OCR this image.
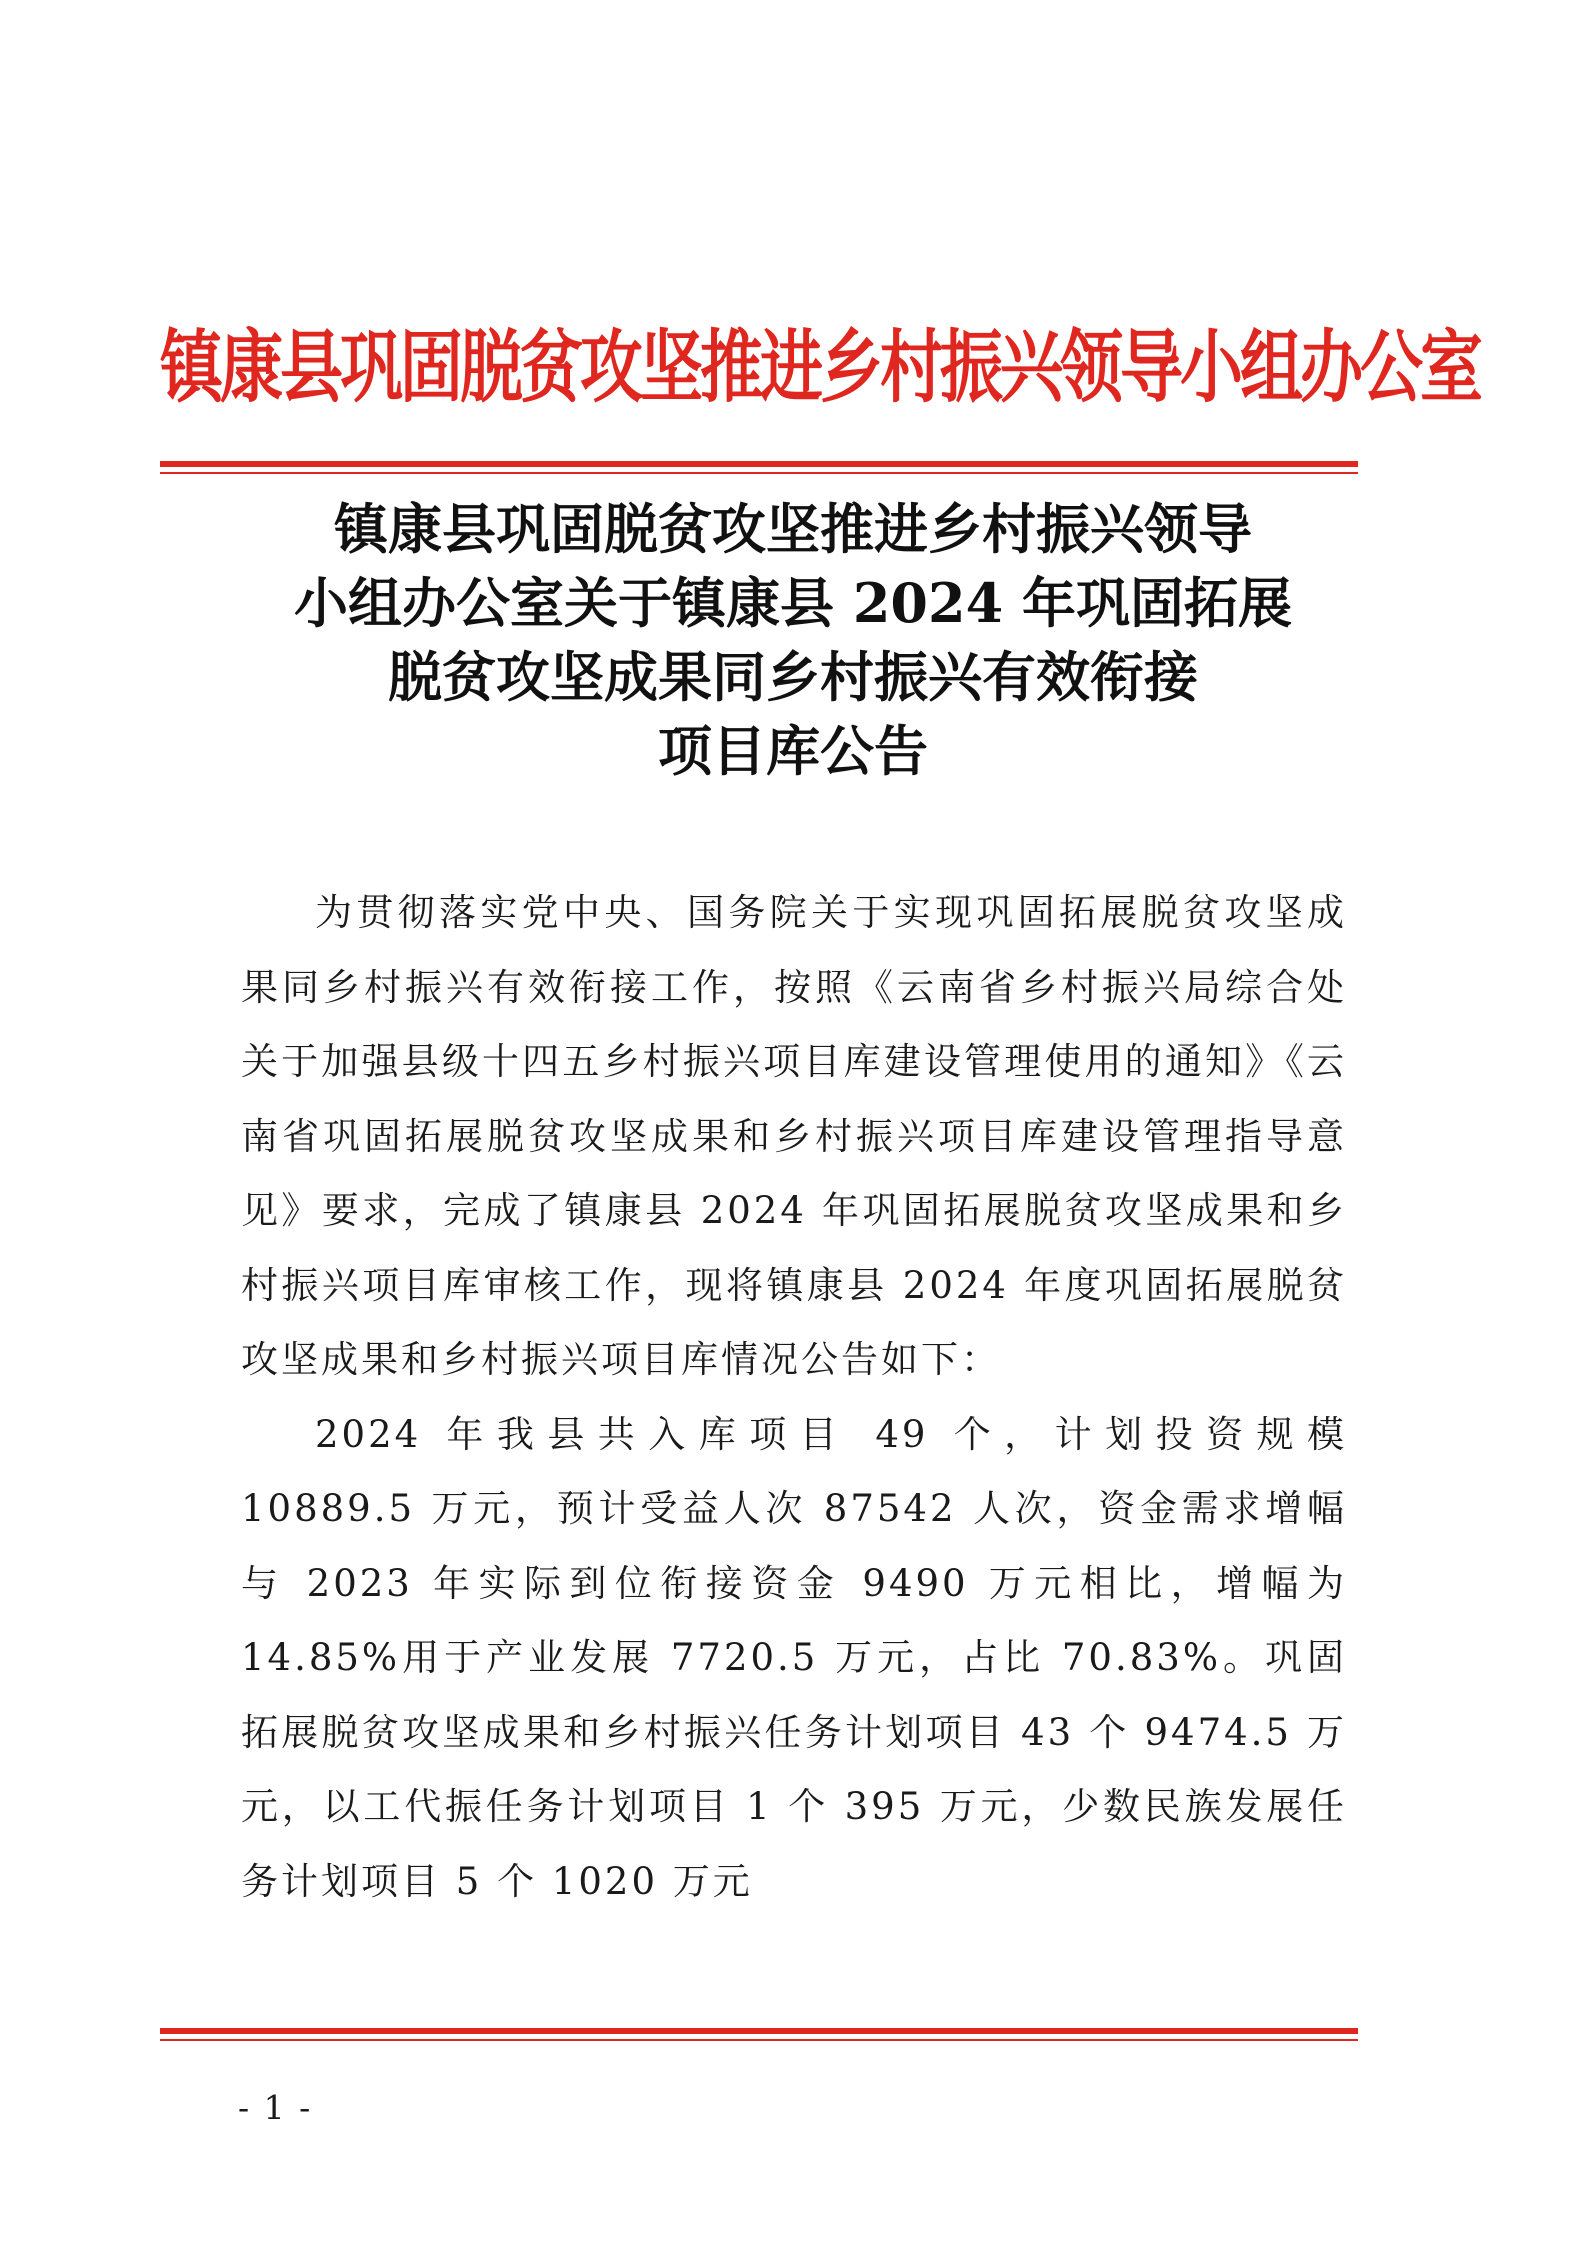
镇康县巩固脱贫攻坚推进乡村振兴领导小组办公室
镇康县巩固脱贫攻坚推进乡村振兴领导
小组办公室关于镇康县 2024 年巩固拓展
脱贫攻坚成果同乡村振兴有效衔接
项目库公告

为贯彻落实党中央、国务院关于实现巩固拓展脱贫攻坚成果同乡村振兴有效衔接工作，按照《云南省乡村振兴局综合处关于加强县级十四五乡村振兴项目库建设管理使用的通知》《云南省巩固拓展脱贫攻坚成果和乡村振兴项目库建设管理指导意见》要求，完成了镇康县 2024 年巩固拓展脱贫攻坚成果和乡村振兴项目库审核工作，现将镇康县 2024 年度巩固拓展脱贫攻坚成果和乡村振兴项目库情况公告如下：

2024 年我县共入库项目 49 个，计划投资规模 10889.5 万元，预计受益人次 87542 人次，资金需求增幅与 2023 年实际到位衔接资金 9490 万元相比，增幅为 14.85%用于产业发展 7720.5 万元，占比 70.83%。巩固拓展脱贫攻坚成果和乡村振兴任务计划项目 43 个 9474.5 万元，以工代振任务计划项目 1 个 395 万元，少数民族发展任务计划项目 5 个 1020 万元

- 1 -
